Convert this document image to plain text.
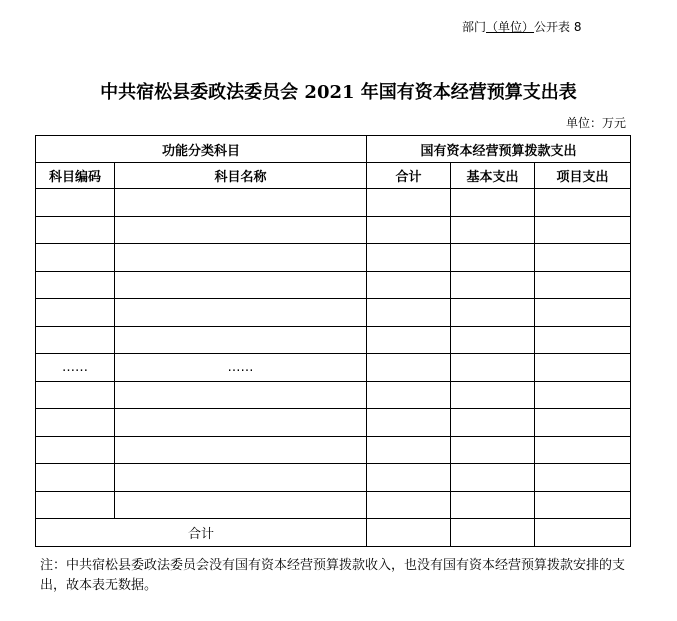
部门（单位）公开表 8
中共宿松县委政法委员会 2021 年国有资本经营预算支出表
单位：万元
功能分类科目		国有资本经营预算拨款支出		
科目编码	科目名称	合计	基本支出	项目支出

……	……			

合计				
注：中共宿松县委政法委员会没有国有资本经营预算拨款收入，也没有国有资本经营预算拨款安排的支出，故本表无数据。
